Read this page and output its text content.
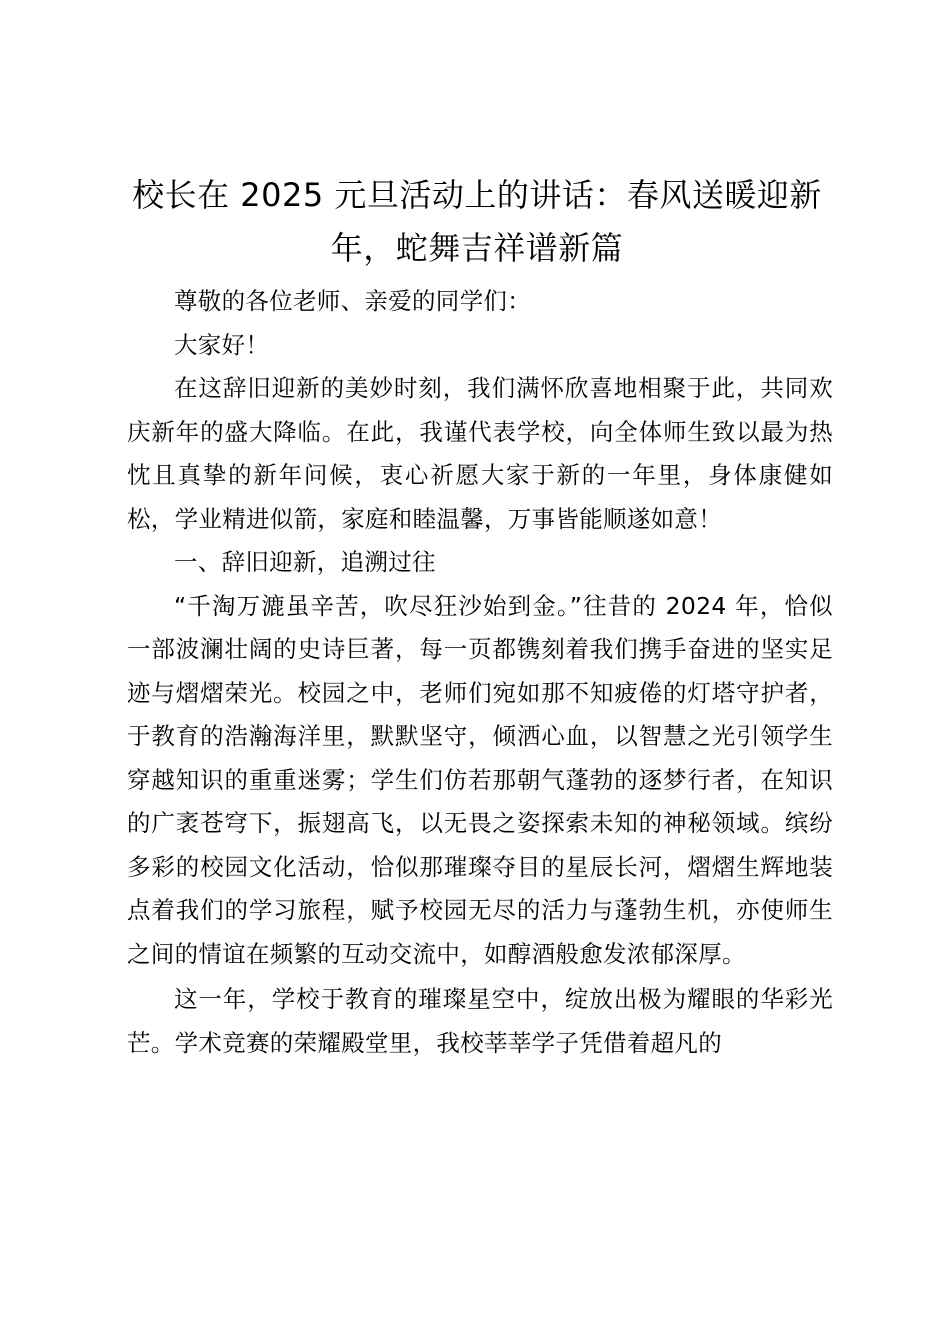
校长在 2025 元旦活动上的讲话：春风送暖迎新年，蛇舞吉祥谱新篇

尊敬的各位老师、亲爱的同学们：

大家好！

在这辞旧迎新的美妙时刻，我们满怀欣喜地相聚于此，共同欢庆新年的盛大降临。在此，我谨代表学校，向全体师生致以最为热忱且真挚的新年问候，衷心祈愿大家于新的一年里，身体康健如松，学业精进似箭，家庭和睦温馨，万事皆能顺遂如意！

一、辞旧迎新，追溯过往

“千淘万漉虽辛苦，吹尽狂沙始到金。”往昔的 2024 年，恰似一部波澜壮阔的史诗巨著，每一页都镌刻着我们携手奋进的坚实足迹与熠熠荣光。校园之中，老师们宛如那不知疲倦的灯塔守护者，于教育的浩瀚海洋里，默默坚守，倾洒心血，以智慧之光引领学生穿越知识的重重迷雾；学生们仿若那朝气蓬勃的逐梦行者，在知识的广袤苍穹下，振翅高飞，以无畏之姿探索未知的神秘领域。缤纷多彩的校园文化活动，恰似那璀璨夺目的星辰长河，熠熠生辉地装点着我们的学习旅程，赋予校园无尽的活力与蓬勃生机，亦使师生之间的情谊在频繁的互动交流中，如醇酒般愈发浓郁深厚。

这一年，学校于教育的璀璨星空中，绽放出极为耀眼的华彩光芒。学术竞赛的荣耀殿堂里，我校莘莘学子凭借着超凡的
